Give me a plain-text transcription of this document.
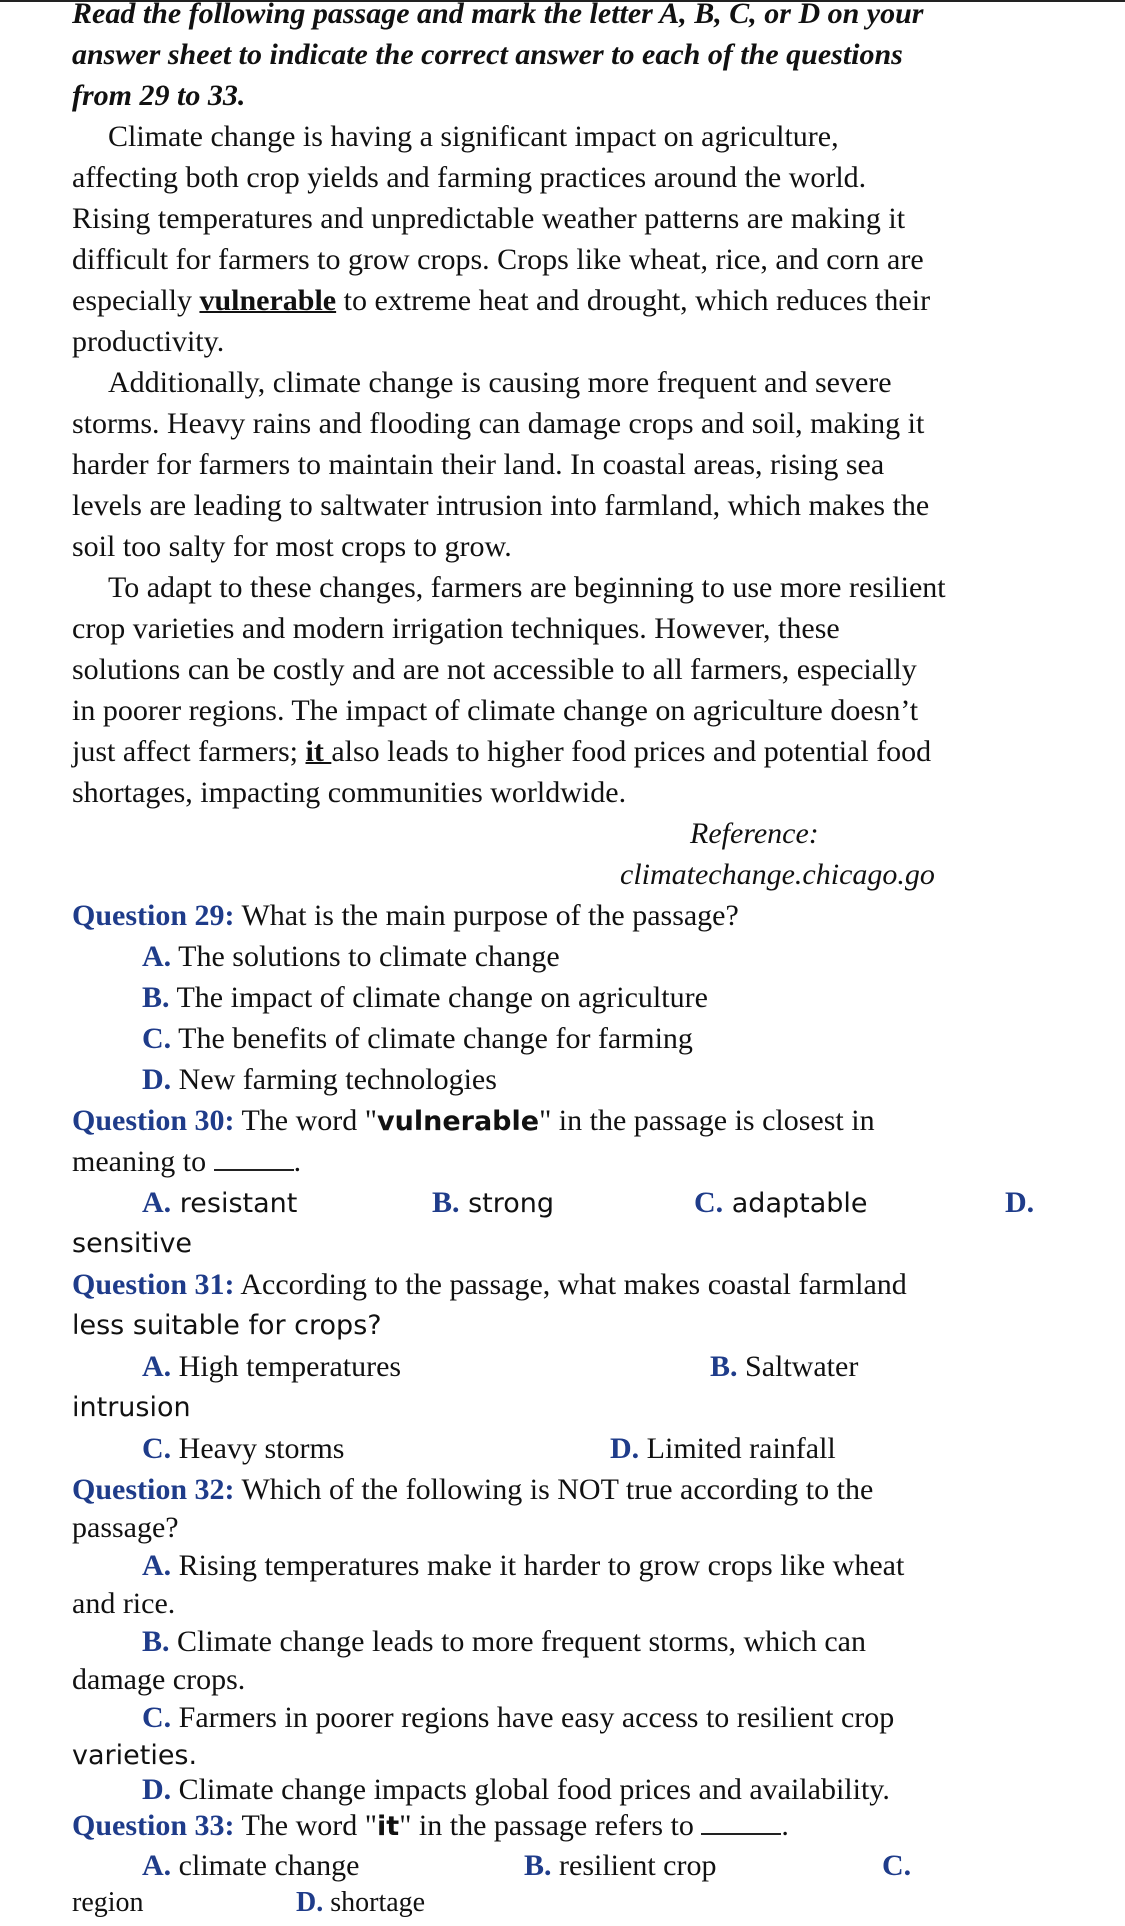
Read the following passage and mark the letter A, B, C, or D on your
answer sheet to indicate the correct answer to each of the questions
from 29 to 33.
Climate change is having a significant impact on agriculture,
affecting both crop yields and farming practices around the world.
Rising temperatures and unpredictable weather patterns are making it
difficult for farmers to grow crops. Crops like wheat, rice, and corn are
especially vulnerable to extreme heat and drought, which reduces their
productivity.
Additionally, climate change is causing more frequent and severe
storms. Heavy rains and flooding can damage crops and soil, making it
harder for farmers to maintain their land. In coastal areas, rising sea
levels are leading to saltwater intrusion into farmland, which makes the
soil too salty for most crops to grow.
To adapt to these changes, farmers are beginning to use more resilient
crop varieties and modern irrigation techniques. However, these
solutions can be costly and are not accessible to all farmers, especially
in poorer regions. The impact of climate change on agriculture doesn’t
just affect farmers; it also leads to higher food prices and potential food
shortages, impacting communities worldwide.
Reference:
climatechange.chicago.go
Question 29: What is the main purpose of the passage?
A. The solutions to climate change
B. The impact of climate change on agriculture
C. The benefits of climate change for farming
D. New farming technologies
Question 30: The word "vulnerable" in the passage is closest in
meaning to	.
A. resistant	B. strong	C. adaptable	D.
sensitive
Question 31: According to the passage, what makes coastal farmland
less suitable for crops?
A. High temperatures	B. Saltwater
intrusion
C. Heavy storms	D. Limited rainfall
Question 32: Which of the following is NOT true according to the
passage?
A. Rising temperatures make it harder to grow crops like wheat
and rice.
B. Climate change leads to more frequent storms, which can
damage crops.
C. Farmers in poorer regions have easy access to resilient crop
varieties.
D. Climate change impacts global food prices and availability.
Question 33: The word "it" in the passage refers to	.
A. climate change	B. resilient crop	C.
region	D. shortage
